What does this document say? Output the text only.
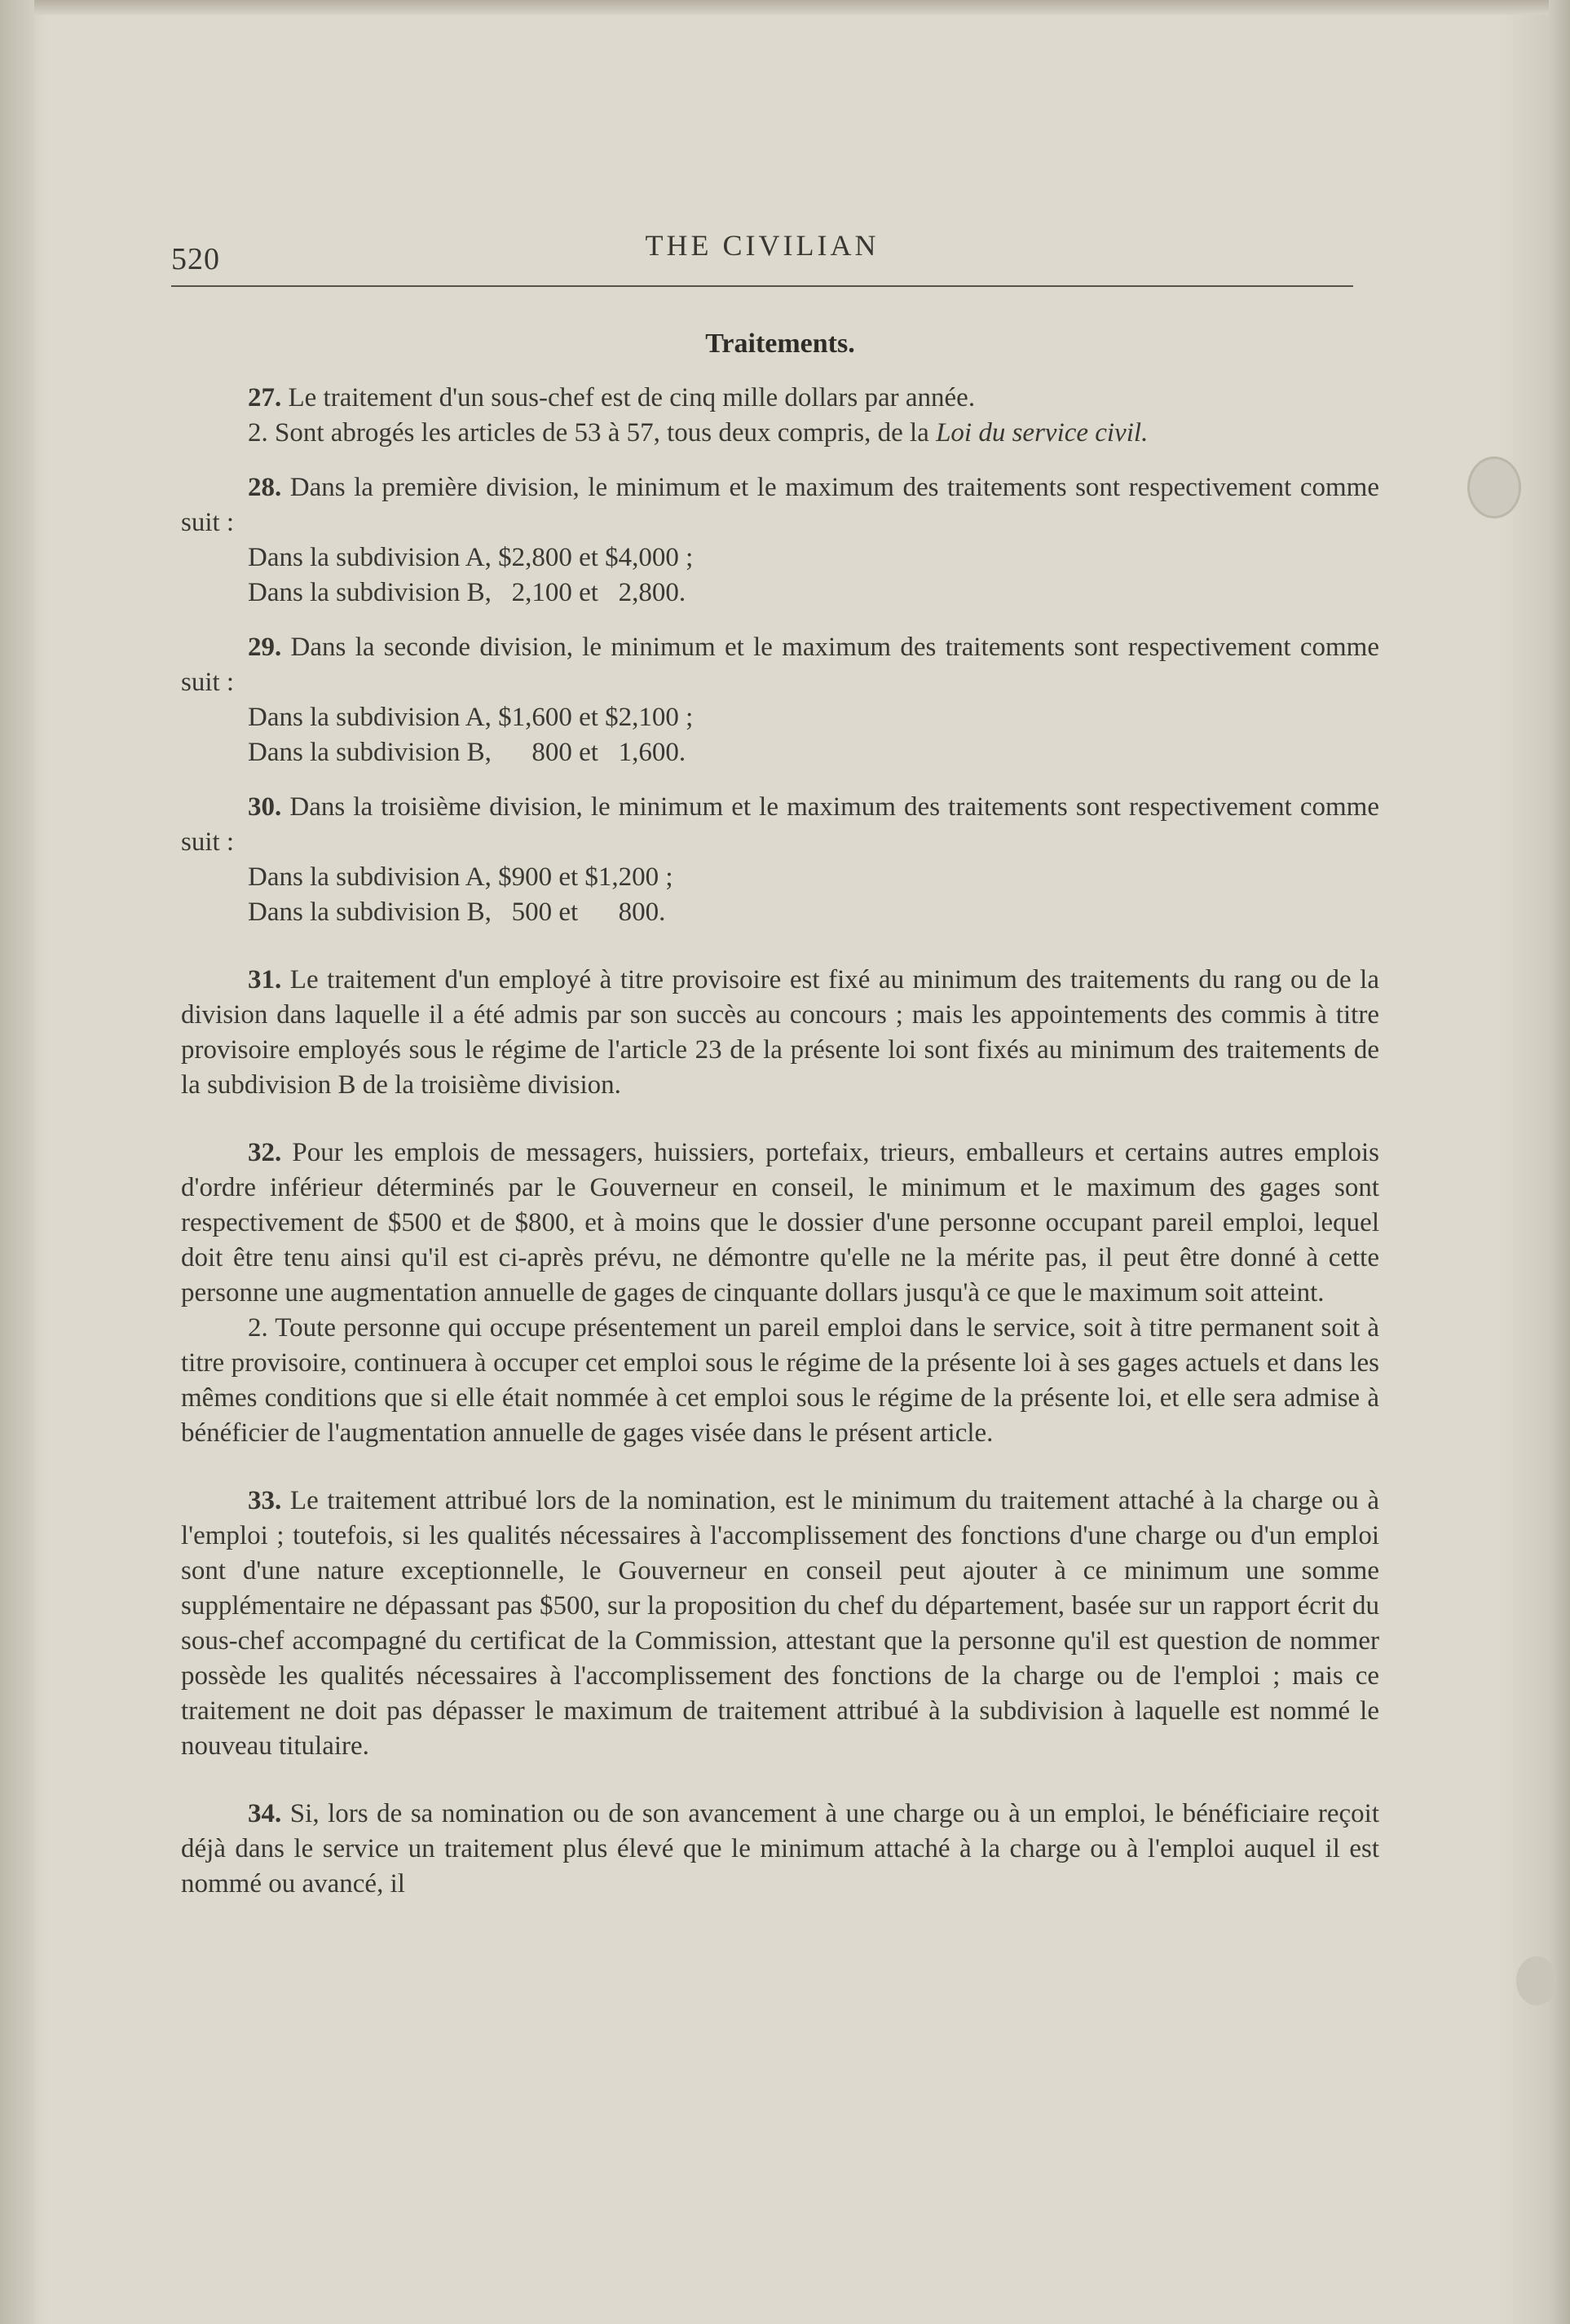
520	THE CIVILIAN
Traitements.

27. Le traitement d'un sous-chef est de cinq mille dollars par année.

2. Sont abrogés les articles de 53 à 57, tous deux compris, de la Loi du service civil.

28. Dans la première division, le minimum et le maximum des traitements sont respectivement comme suit :

Dans la subdivision A, $2,800 et $4,000 ;
Dans la subdivision B,   2,100 et   2,800.

29. Dans la seconde division, le minimum et le maximum des traitements sont respectivement comme suit :

Dans la subdivision A, $1,600 et $2,100 ;
Dans la subdivision B,      800 et   1,600.

30. Dans la troisième division, le minimum et le maximum des traitements sont respectivement comme suit :

Dans la subdivision A, $900 et $1,200 ;
Dans la subdivision B,   500 et      800.

31. Le traitement d'un employé à titre provisoire est fixé au minimum des traitements du rang ou de la division dans laquelle il a été admis par son succès au concours ; mais les appointements des commis à titre provisoire employés sous le régime de l'article 23 de la présente loi sont fixés au minimum des traitements de la subdivision B de la troisième division.

32. Pour les emplois de messagers, huissiers, portefaix, trieurs, emballeurs et certains autres emplois d'ordre inférieur déterminés par le Gouverneur en conseil, le minimum et le maximum des gages sont respectivement de $500 et de $800, et à moins que le dossier d'une personne occupant pareil emploi, lequel doit être tenu ainsi qu'il est ci-après prévu, ne démontre qu'elle ne la mérite pas, il peut être donné à cette personne une augmentation annuelle de gages de cinquante dollars jusqu'à ce que le maximum soit atteint.

2. Toute personne qui occupe présentement un pareil emploi dans le service, soit à titre permanent soit à titre provisoire, continuera à occuper cet emploi sous le régime de la présente loi à ses gages actuels et dans les mêmes conditions que si elle était nommée à cet emploi sous le régime de la présente loi, et elle sera admise à bénéficier de l'augmentation annuelle de gages visée dans le présent article.

33. Le traitement attribué lors de la nomination, est le minimum du traitement attaché à la charge ou à l'emploi ; toutefois, si les qualités nécessaires à l'accomplissement des fonctions d'une charge ou d'un emploi sont d'une nature exceptionnelle, le Gouverneur en conseil peut ajouter à ce minimum une somme supplémentaire ne dépassant pas $500, sur la proposition du chef du département, basée sur un rapport écrit du sous-chef accompagné du certificat de la Commission, attestant que la personne qu'il est question de nommer possède les qualités nécessaires à l'accomplissement des fonctions de la charge ou de l'emploi ; mais ce traitement ne doit pas dépasser le maximum de traitement attribué à la subdivision à laquelle est nommé le nouveau titulaire.

34. Si, lors de sa nomination ou de son avancement à une charge ou à un emploi, le bénéficiaire reçoit déjà dans le service un traitement plus élevé que le minimum attaché à la charge ou à l'emploi auquel il est nommé ou avancé, il
